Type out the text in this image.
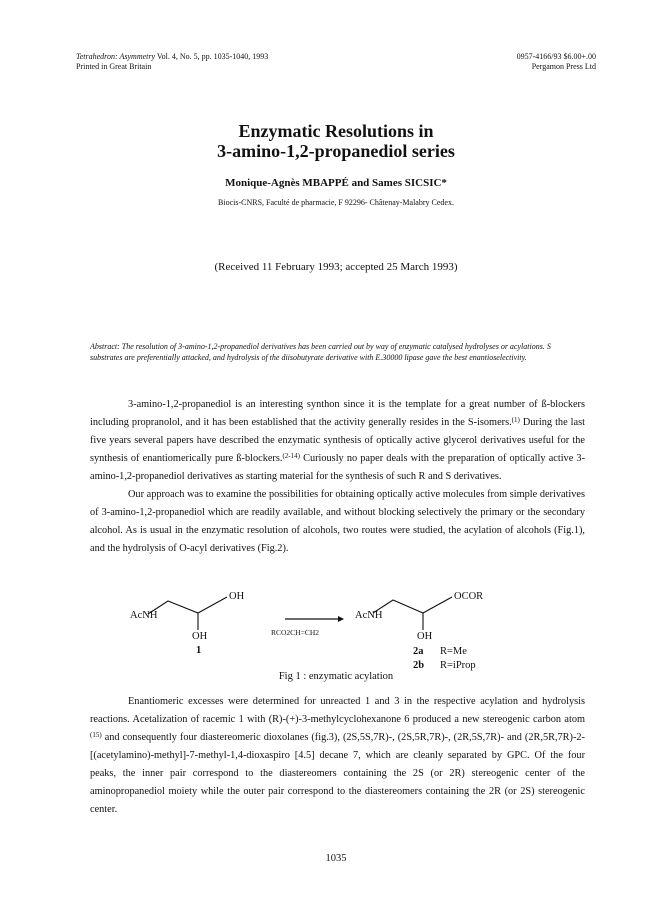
Tetrahedron: Asymmetry Vol. 4, No. 5, pp. 1035-1040, 1993
Printed in Great Britain
0957-4166/93 $6.00+.00
Pergamon Press Ltd
Enzymatic Resolutions in
3-amino-1,2-propanediol series
Monique-Agnès MBAPPÉ and Sames SICSIC*
Biocis-CNRS, Faculté de pharmacie, F 92296- Châtenay-Malabry Cedex.
(Received 11 February 1993; accepted 25 March 1993)
Abstract: The resolution of 3-amino-1,2-propanediol derivatives has been carried out by way of enzymatic catalysed hydrolyses or acylations. S substrates are preferentially attacked, and hydrolysis of the diisobutyrate derivative with E.30000 lipase gave the best enantioselectivity.

3-amino-1,2-propanediol is an interesting synthon since it is the template for a great number of ß-blockers including propranolol, and it has been established that the activity generally resides in the S-isomers.$^{(1)}$ During the last five years several papers have described the enzymatic synthesis of optically active glycerol derivatives useful for the synthesis of enantiomerically pure ß-blockers.$^{(2-14)}$ Curiously no paper deals with the preparation of optically active 3-amino-1,2-propanediol derivatives as starting material for the synthesis of such R and S derivatives.

Our approach was to examine the possibilities for obtaining optically active molecules from simple derivatives of 3-amino-1,2-propanediol which are readily available, and without blocking selectively the primary or the secondary alcohol. As is usual in the enzymatic resolution of alcohols, two routes were studied, the acylation of alcohols (Fig.1), and the hydrolysis of O-acyl derivatives (Fig.2).

AcNH
OH
OH
1
RCO2CH=CH2
AcNH
OCOR
OH
2a R=Me
2b R=iProp
Fig 1 : enzymatic acylation

Enantiomeric excesses were determined for unreacted 1 and 3 in the respective acylation and hydrolysis reactions. Acetalization of racemic 1 with (R)-(+)-3-methylcyclohexanone 6 produced a new stereogenic carbon atom $^{(15)}$ and consequently four diastereomeric dioxolanes (fig.3), (2S,5S,7R)-, (2S,5R,7R)-, (2R,5S,7R)- and (2R,5R,7R)-2-[(acetylamino)-methyl]-7-methyl-1,4-dioxaspiro [4.5] decane 7, which are cleanly separated by GPC. Of the four peaks, the inner pair correspond to the diastereomers containing the 2S (or 2R) stereogenic center of the aminopropanediol moiety while the outer pair correspond to the diastereomers containing the 2R (or 2S) stereogenic center.

1035
